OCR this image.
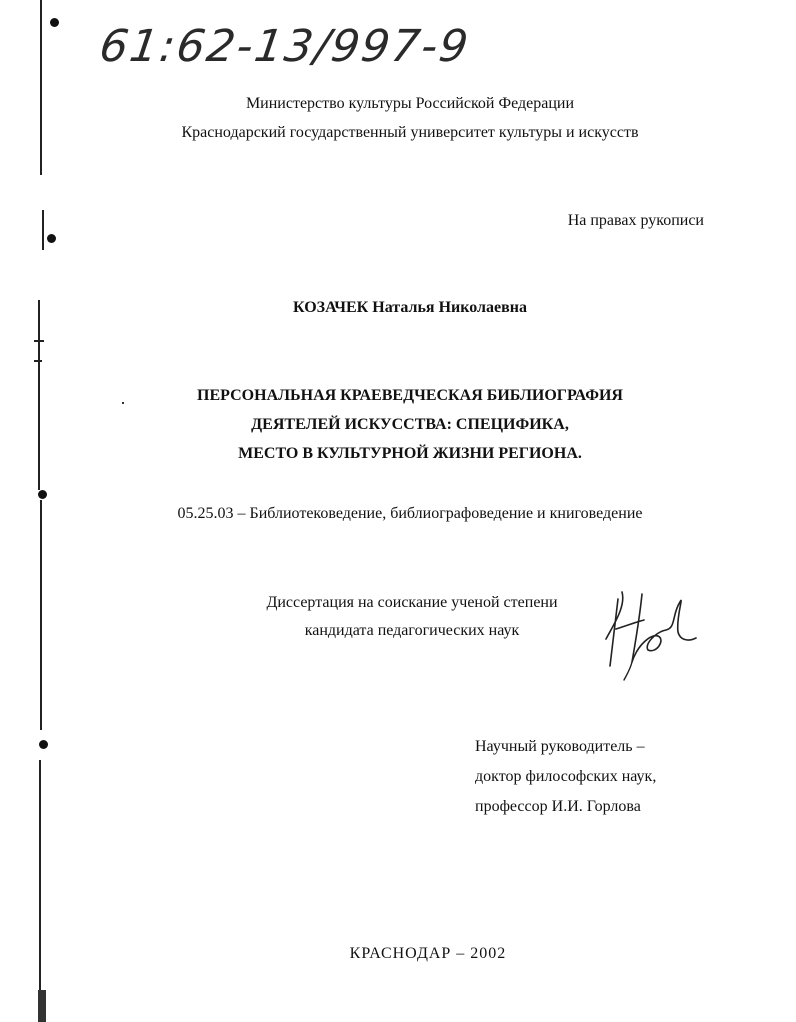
61:62-13/997-9
Министерство культуры Российской Федерации
Краснодарский государственный университет культуры и искусств
На правах рукописи
КОЗАЧЕК Наталья Николаевна
ПЕРСОНАЛЬНАЯ КРАЕВЕДЧЕСКАЯ БИБЛИОГРАФИЯ
ДЕЯТЕЛЕЙ ИСКУССТВА: СПЕЦИФИКА,
МЕСТО В КУЛЬТУРНОЙ ЖИЗНИ РЕГИОНА.
05.25.03 – Библиотековедение, библиографоведение и книговедение
Диссертация на соискание ученой степени
кандидата педагогических наук
Научный руководитель –
доктор философских наук,
профессор И.И. Горлова
КРАСНОДАР – 2002
